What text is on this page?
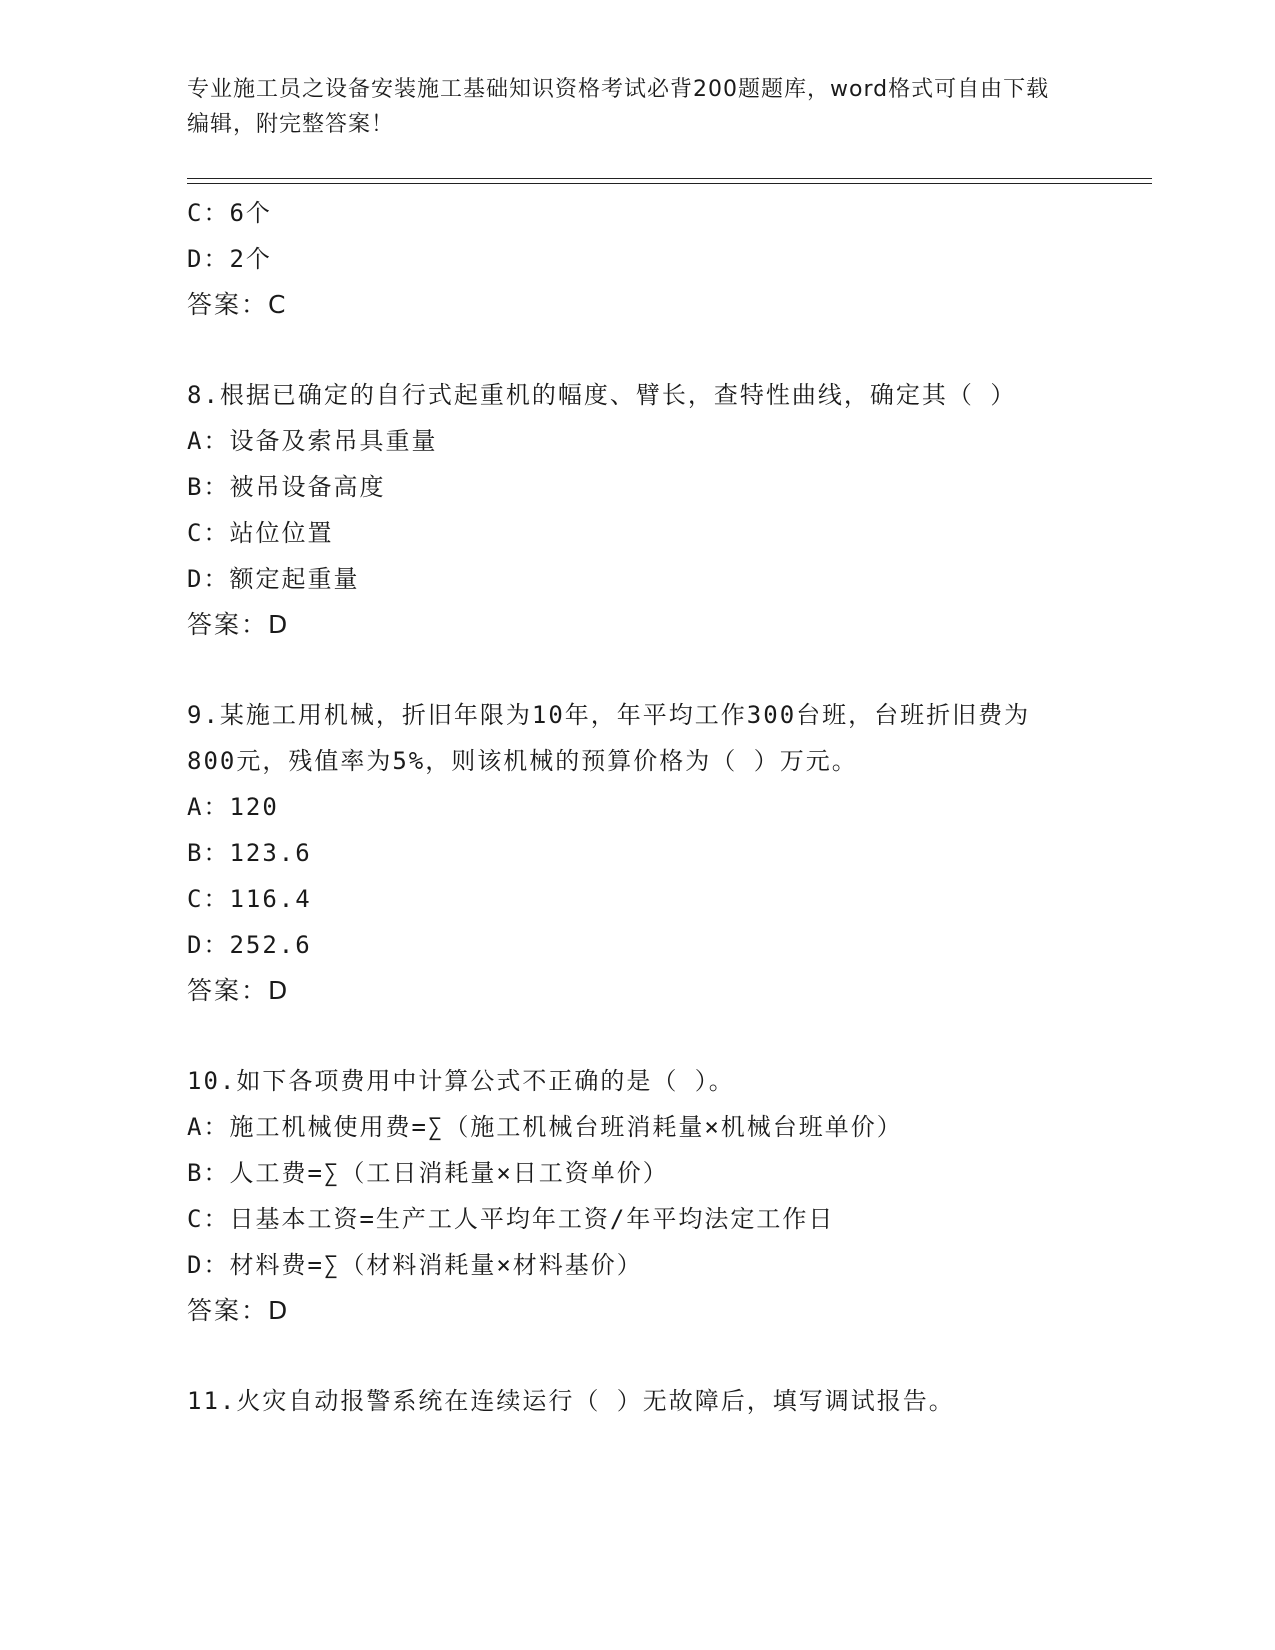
专业施工员之设备安装施工基础知识资格考试必背200题题库，word格式可自由下载编辑，附完整答案！
C：6个
D：2个
答案：C
8.根据已确定的自行式起重机的幅度、臂长，查特性曲线，确定其（ ）
A：设备及索吊具重量
B：被吊设备高度
C：站位位置
D：额定起重量
答案：D
9.某施工用机械，折旧年限为10年，年平均工作300台班，台班折旧费为800元，残值率为5%，则该机械的预算价格为（ ）万元。
A：120
B：123.6
C：116.4
D：252.6
答案：D
10.如下各项费用中计算公式不正确的是（ ）。
A：施工机械使用费=∑（施工机械台班消耗量×机械台班单价）
B：人工费=∑（工日消耗量×日工资单价）
C：日基本工资=生产工人平均年工资/年平均法定工作日
D：材料费=∑（材料消耗量×材料基价）
答案：D
11.火灾自动报警系统在连续运行（ ）无故障后，填写调试报告。
